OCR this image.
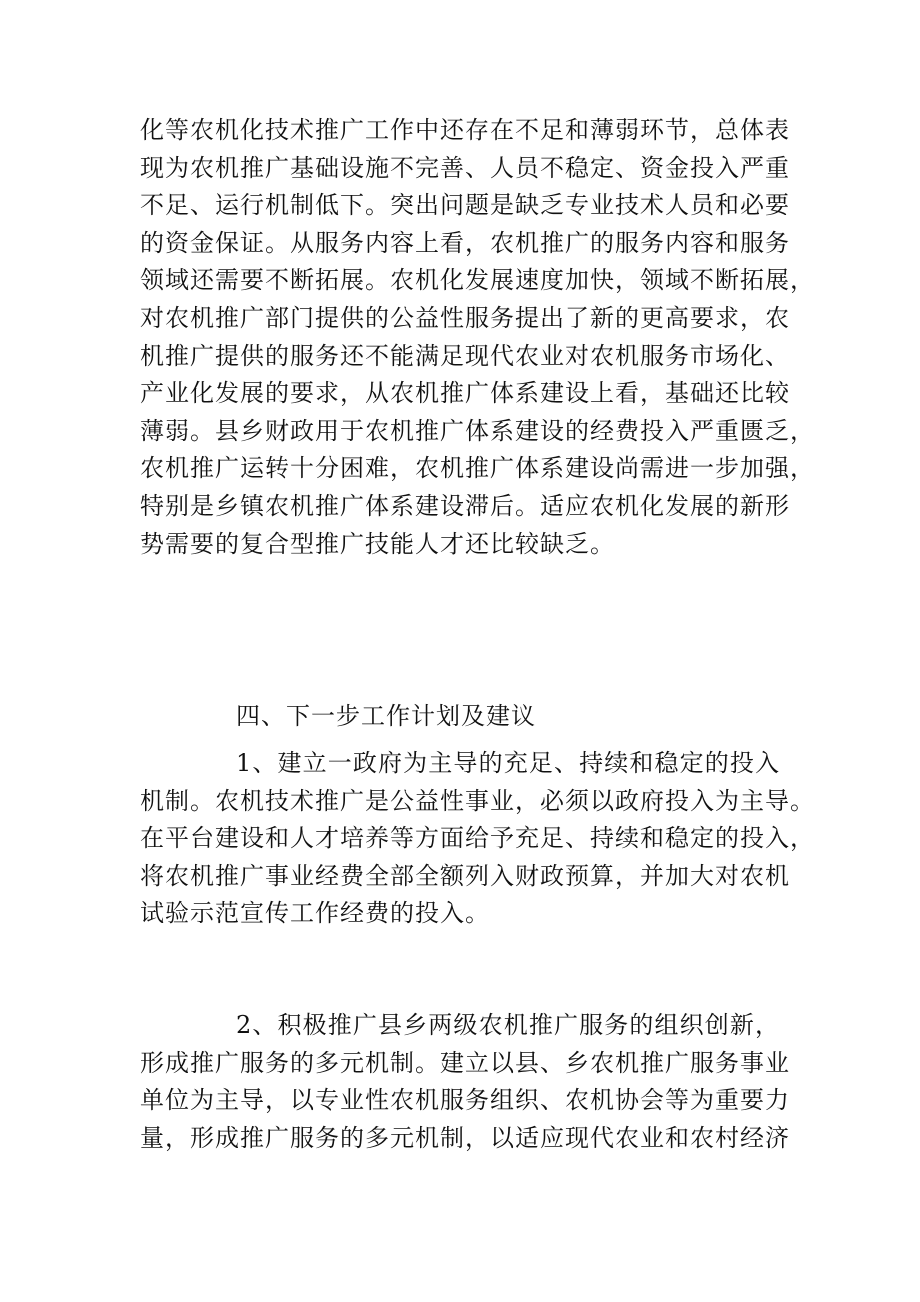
化等农机化技术推广工作中还存在不足和薄弱环节，总体表
现为农机推广基础设施不完善、人员不稳定、资金投入严重
不足、运行机制低下。突出问题是缺乏专业技术人员和必要
的资金保证。从服务内容上看，农机推广的服务内容和服务
领域还需要不断拓展。农机化发展速度加快，领域不断拓展，
对农机推广部门提供的公益性服务提出了新的更高要求，农
机推广提供的服务还不能满足现代农业对农机服务市场化、
产业化发展的要求，从农机推广体系建设上看，基础还比较
薄弱。县乡财政用于农机推广体系建设的经费投入严重匮乏，
农机推广运转十分困难，农机推广体系建设尚需进一步加强，
特别是乡镇农机推广体系建设滞后。适应农机化发展的新形
势需要的复合型推广技能人才还比较缺乏。
四、下一步工作计划及建议
1、建立一政府为主导的充足、持续和稳定的投入
机制。农机技术推广是公益性事业，必须以政府投入为主导。
在平台建设和人才培养等方面给予充足、持续和稳定的投入，
将农机推广事业经费全部全额列入财政预算，并加大对农机
试验示范宣传工作经费的投入。
2、积极推广县乡两级农机推广服务的组织创新，
形成推广服务的多元机制。建立以县、乡农机推广服务事业
单位为主导，以专业性农机服务组织、农机协会等为重要力
量，形成推广服务的多元机制，以适应现代农业和农村经济
